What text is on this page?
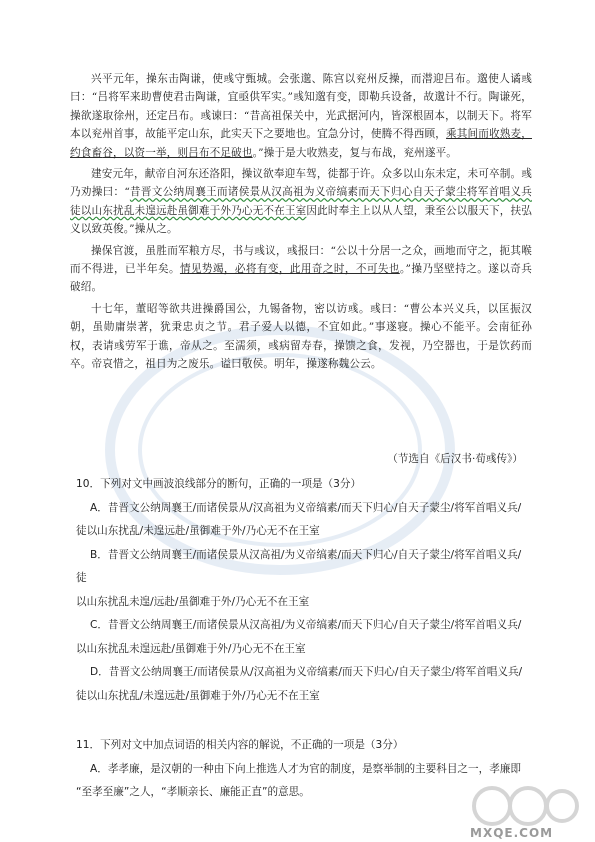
兴平元年，操东击陶谦，使彧守甄城。会张邈、陈宫以兖州反操，而潜迎吕布。邈使人谲彧曰：“吕将军来助曹使君击陶谦，宜亟供军实。”彧知邈有变，即勒兵设备，故邈计不行。陶谦死，操欲遂取徐州，还定吕布。彧谏曰：“昔高祖保关中，光武据河内，皆深根固本，以制天下。将军本以兖州首事，故能平定山东，此实天下之要地也。宜急分讨，使腾不得西顾，乘其间而收熟麦，约食畜谷，以资一举，则吕布不足破也。”操于是大收熟麦，复与布战，兖州遂平。

建安元年，献帝自河东还洛阳，操议欲奉迎车驾，徙都于许。众多以山东未定，未可卒制。彧乃劝操曰：“昔晋文公纳周襄王而诸侯景从汉高祖为义帝缟素而天下归心自天子蒙尘将军首唱义兵徒以山东扰乱未遑远赴虽御难于外乃心无不在王室因此时奉主上以从人望，秉至公以服天下，扶弘义以致英俊。”操从之。

操保官渡，虽胜而军粮方尽，书与彧议，彧报曰：“公以十分居一之众，画地而守之，扼其喉而不得进，已半年矣。情见势竭，必将有变，此用奇之时，不可失也。”操乃坚壁持之。遂以奇兵破绍。

十七年，董昭等欲共进操爵国公，九锡备物，密以访彧。彧曰：“曹公本兴义兵，以匡振汉朝，虽勋庸崇著，犹秉忠贞之节。君子爱人以德，不宜如此。”事遂寝。操心不能平。会南征孙权，表请彧劳军于谯，帝从之。至濡须，彧病留寿春，操馈之食，发视，乃空器也，于是饮药而卒。帝哀惜之，祖日为之废乐。谥曰敬侯。明年，操遂称魏公云。

（节选自《后汉书·荀彧传》）

10．下列对文中画波浪线部分的断句，正确的一项是（3分）

A．昔晋文公纳周襄王/而诸侯景从/汉高祖为义帝缟素/而天下归心/自天子蒙尘/将军首唱义兵/

徒以山东扰乱/未遑远赴/虽御难于外/乃心无不在王室

B．昔晋文公纳周襄王/而诸侯景从汉高祖/为义帝缟素/而天下归心/自天子蒙尘/将军首唱义兵/徒

以山东扰乱未遑/远赴/虽御难于外/乃心无不在王室

C．昔晋文公纳周襄王/而诸侯景从汉高祖/为义帝缟素/而天下归心/自天子蒙尘/将军首唱义兵/

以山东扰乱未遑远赴/虽御难于外/乃心无不在王室

D．昔晋文公纳周襄王/而诸侯景从/汉高祖为义帝缟素/而天下归心/自天子蒙尘/将军首唱义兵/

徒以山东扰乱/未遑远赴/虽御难于外/乃心无不在王室

11．下列对文中加点词语的相关内容的解说，不正确的一项是（3分）

A．孝孝廉，是汉朝的一种由下向上推选人才为官的制度，是察举制的主要科目之一，孝廉即

“至孝至廉”之人，“孝顺亲长、廉能正直”的意思。

MXQE.COM
